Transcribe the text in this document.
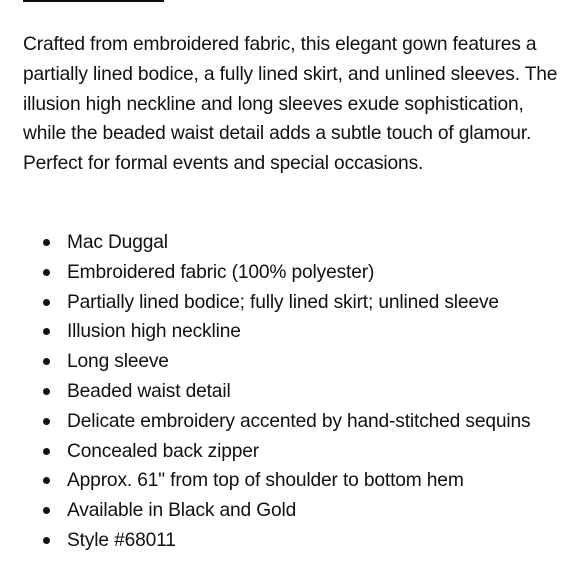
Crafted from embroidered fabric, this elegant gown features a partially lined bodice, a fully lined skirt, and unlined sleeves. The illusion high neckline and long sleeves exude sophistication, while the beaded waist detail adds a subtle touch of glamour. Perfect for formal events and special occasions.

Mac Duggal
Embroidered fabric (100% polyester)
Partially lined bodice; fully lined skirt; unlined sleeve
Illusion high neckline
Long sleeve
Beaded waist detail
Delicate embroidery accented by hand-stitched sequins
Concealed back zipper
Approx. 61" from top of shoulder to bottom hem
Available in Black and Gold
Style #68011
